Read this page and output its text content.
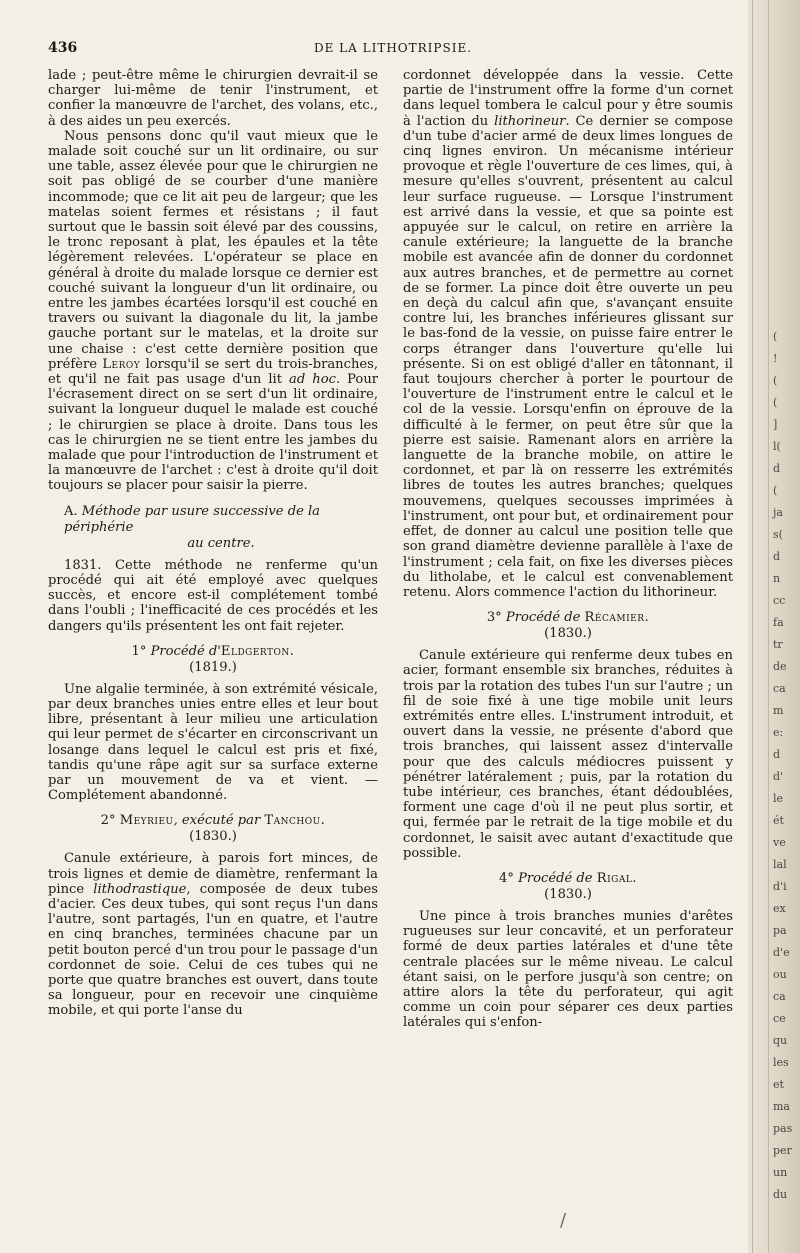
436	DE LA LITHOTRIPSIE.

lade ; peut-être même le chirurgien devrait-il se charger lui-même de tenir l'instrument, et confier la manœuvre de l'archet, des volans, etc., à des aides un peu exercés.

Nous pensons donc qu'il vaut mieux que le malade soit couché sur un lit ordinaire, ou sur une table, assez élevée pour que le chirurgien ne soit pas obligé de se courber d'une manière incommode; que ce lit ait peu de largeur; que les matelas soient fermes et résistans ; il faut surtout que le bassin soit élevé par des coussins, le tronc reposant à plat, les épaules et la tête légèrement relevées. L'opérateur se place en général à droite du malade lorsque ce dernier est couché suivant la longueur d'un lit ordinaire, ou entre les jambes écartées lorsqu'il est couché en travers ou suivant la diagonale du lit, la jambe gauche portant sur le matelas, et la droite sur une chaise : c'est cette dernière position que préfère Leroy lorsqu'il se sert du trois-branches, et qu'il ne fait pas usage d'un lit ad hoc. Pour l'écrasement direct on se sert d'un lit ordinaire, suivant la longueur duquel le malade est couché ; le chirurgien se place à droite. Dans tous les cas le chirurgien ne se tient entre les jambes du malade que pour l'introduction de l'instrument et la manœuvre de l'archet : c'est à droite qu'il doit toujours se placer pour saisir la pierre.

A. Méthode par usure successive de la périphérie
au centre.

1831. Cette méthode ne renferme qu'un procédé qui ait été employé avec quelques succès, et encore est-il complétement tombé dans l'oubli ; l'inefficacité de ces procédés et les dangers qu'ils présentent les ont fait rejeter.

1° Procédé d'Eldgerton.
(1819.)

Une algalie terminée, à son extrémité vésicale, par deux branches unies entre elles et leur bout libre, présentant à leur milieu une articulation qui leur permet de s'écarter en circonscrivant un losange dans lequel le calcul est pris et fixé, tandis qu'une râpe agit sur sa surface externe par un mouvement de va et vient. — Complétement abandonné.

2° Meyrieu, exécuté par Tanchou.
(1830.)

Canule extérieure, à parois fort minces, de trois lignes et demie de diamètre, renfermant la pince lithodrastique, composée de deux tubes d'acier. Ces deux tubes, qui sont reçus l'un dans l'autre, sont partagés, l'un en quatre, et l'autre en cinq branches, terminées chacune par un petit bouton percé d'un trou pour le passage d'un cordonnet de soie. Celui de ces tubes qui ne porte que quatre branches est ouvert, dans toute sa longueur, pour en recevoir une cinquième mobile, et qui porte l'anse du

cordonnet développée dans la vessie. Cette partie de l'instrument offre la forme d'un cornet dans lequel tombera le calcul pour y être soumis à l'action du lithorineur. Ce dernier se compose d'un tube d'acier armé de deux limes longues de cinq lignes environ. Un mécanisme intérieur provoque et règle l'ouverture de ces limes, qui, à mesure qu'elles s'ouvrent, présentent au calcul leur surface rugueuse. — Lorsque l'instrument est arrivé dans la vessie, et que sa pointe est appuyée sur le calcul, on retire en arrière la canule extérieure; la languette de la branche mobile est avancée afin de donner du cordonnet aux autres branches, et de permettre au cornet de se former. La pince doit être ouverte un peu en deçà du calcul afin que, s'avançant ensuite contre lui, les branches inférieures glissant sur le bas-fond de la vessie, on puisse faire entrer le corps étranger dans l'ouverture qu'elle lui présente. Si on est obligé d'aller en tâtonnant, il faut toujours chercher à porter le pourtour de l'ouverture de l'instrument entre le calcul et le col de la vessie. Lorsqu'enfin on éprouve de la difficulté à le fermer, on peut être sûr que la pierre est saisie. Ramenant alors en arrière la languette de la branche mobile, on attire le cordonnet, et par là on resserre les extrémités libres de toutes les autres branches; quelques mouvemens, quelques secousses imprimées à l'instrument, ont pour but, et ordinairement pour effet, de donner au calcul une position telle que son grand diamètre devienne parallèle à l'axe de l'instrument ; cela fait, on fixe les diverses pièces du litholabe, et le calcul est convenablement retenu. Alors commence l'action du lithorineur.

3° Procédé de Récamier.
(1830.)

Canule extérieure qui renferme deux tubes en acier, formant ensemble six branches, réduites à trois par la rotation des tubes l'un sur l'autre ; un fil de soie fixé à une tige mobile unit leurs extrémités entre elles. L'instrument introduit, et ouvert dans la vessie, ne présente d'abord que trois branches, qui laissent assez d'intervalle pour que des calculs médiocres puissent y pénétrer latéralement ; puis, par la rotation du tube intérieur, ces branches, étant dédoublées, forment une cage d'où il ne peut plus sortir, et qui, fermée par le retrait de la tige mobile et du cordonnet, le saisit avec autant d'exactitude que possible.

4° Procédé de Rigal.
(1830.)

Une pince à trois branches munies d'arêtes rugueuses sur leur concavité, et un perforateur formé de deux parties latérales et d'une tête centrale placées sur le même niveau. Le calcul étant saisi, on le perfore jusqu'à son centre; on attire alors la tête du perforateur, qui agit comme un coin pour séparer ces deux parties latérales qui s'enfon-

(
!
(
(
]
l(
d
(
ja
s(
d
n
cc
fa
tr
de
ca
m
e:
d
d'
le
ét
ve
lal
d'i
ex
pa
d'e
ou
ca
ce
qu
les
et
ma
pas
per
un
du
/
